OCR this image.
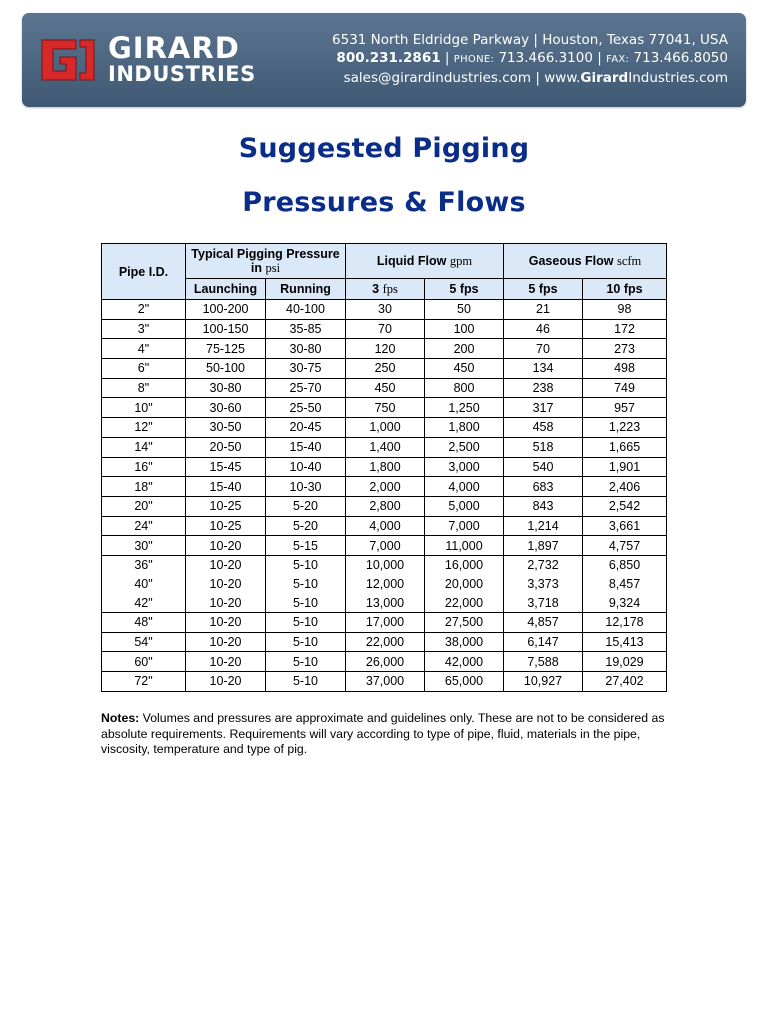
GIRARD
INDUSTRIES
6531 North Eldridge Parkway | Houston, Texas 77041, USA
800.231.2861 | PHONE: 713.466.3100 | FAX: 713.466.8050
sales@girardindustries.com | www.GirardIndustries.com
Suggested Pigging
Pressures & Flows
Pipe I.D.	Typical Pigging Pressure
in psi		Liquid Flow gpm		Gaseous Flow scfm	
	Launching	Running	3 fps	5 fps	5 fps	10 fps
2"	100-200	40-100	30	50	21	98
3"	100-150	35-85	70	100	46	172
4"	75-125	30-80	120	200	70	273
6"	50-100	30-75	250	450	134	498
8"	30-80	25-70	450	800	238	749
10"	30-60	25-50	750	1,250	317	957
12"	30-50	20-45	1,000	1,800	458	1,223
14"	20-50	15-40	1,400	2,500	518	1,665
16"	15-45	10-40	1,800	3,000	540	1,901
18"	15-40	10-30	2,000	4,000	683	2,406
20"	10-25	5-20	2,800	5,000	843	2,542
24"	10-25	5-20	4,000	7,000	1,214	3,661
30"	10-20	5-15	7,000	11,000	1,897	4,757
36"	10-20	5-10	10,000	16,000	2,732	6,850
40"	10-20	5-10	12,000	20,000	3,373	8,457
42"	10-20	5-10	13,000	22,000	3,718	9,324
48"	10-20	5-10	17,000	27,500	4,857	12,178
54"	10-20	5-10	22,000	38,000	6,147	15,413
60"	10-20	5-10	26,000	42,000	7,588	19,029
72"	10-20	5-10	37,000	65,000	10,927	27,402
Notes: Volumes and pressures are approximate and guidelines only. These are not to be considered as absolute requirements. Requirements will vary according to type of pipe, fluid, materials in the pipe, viscosity, temperature and type of pig.
